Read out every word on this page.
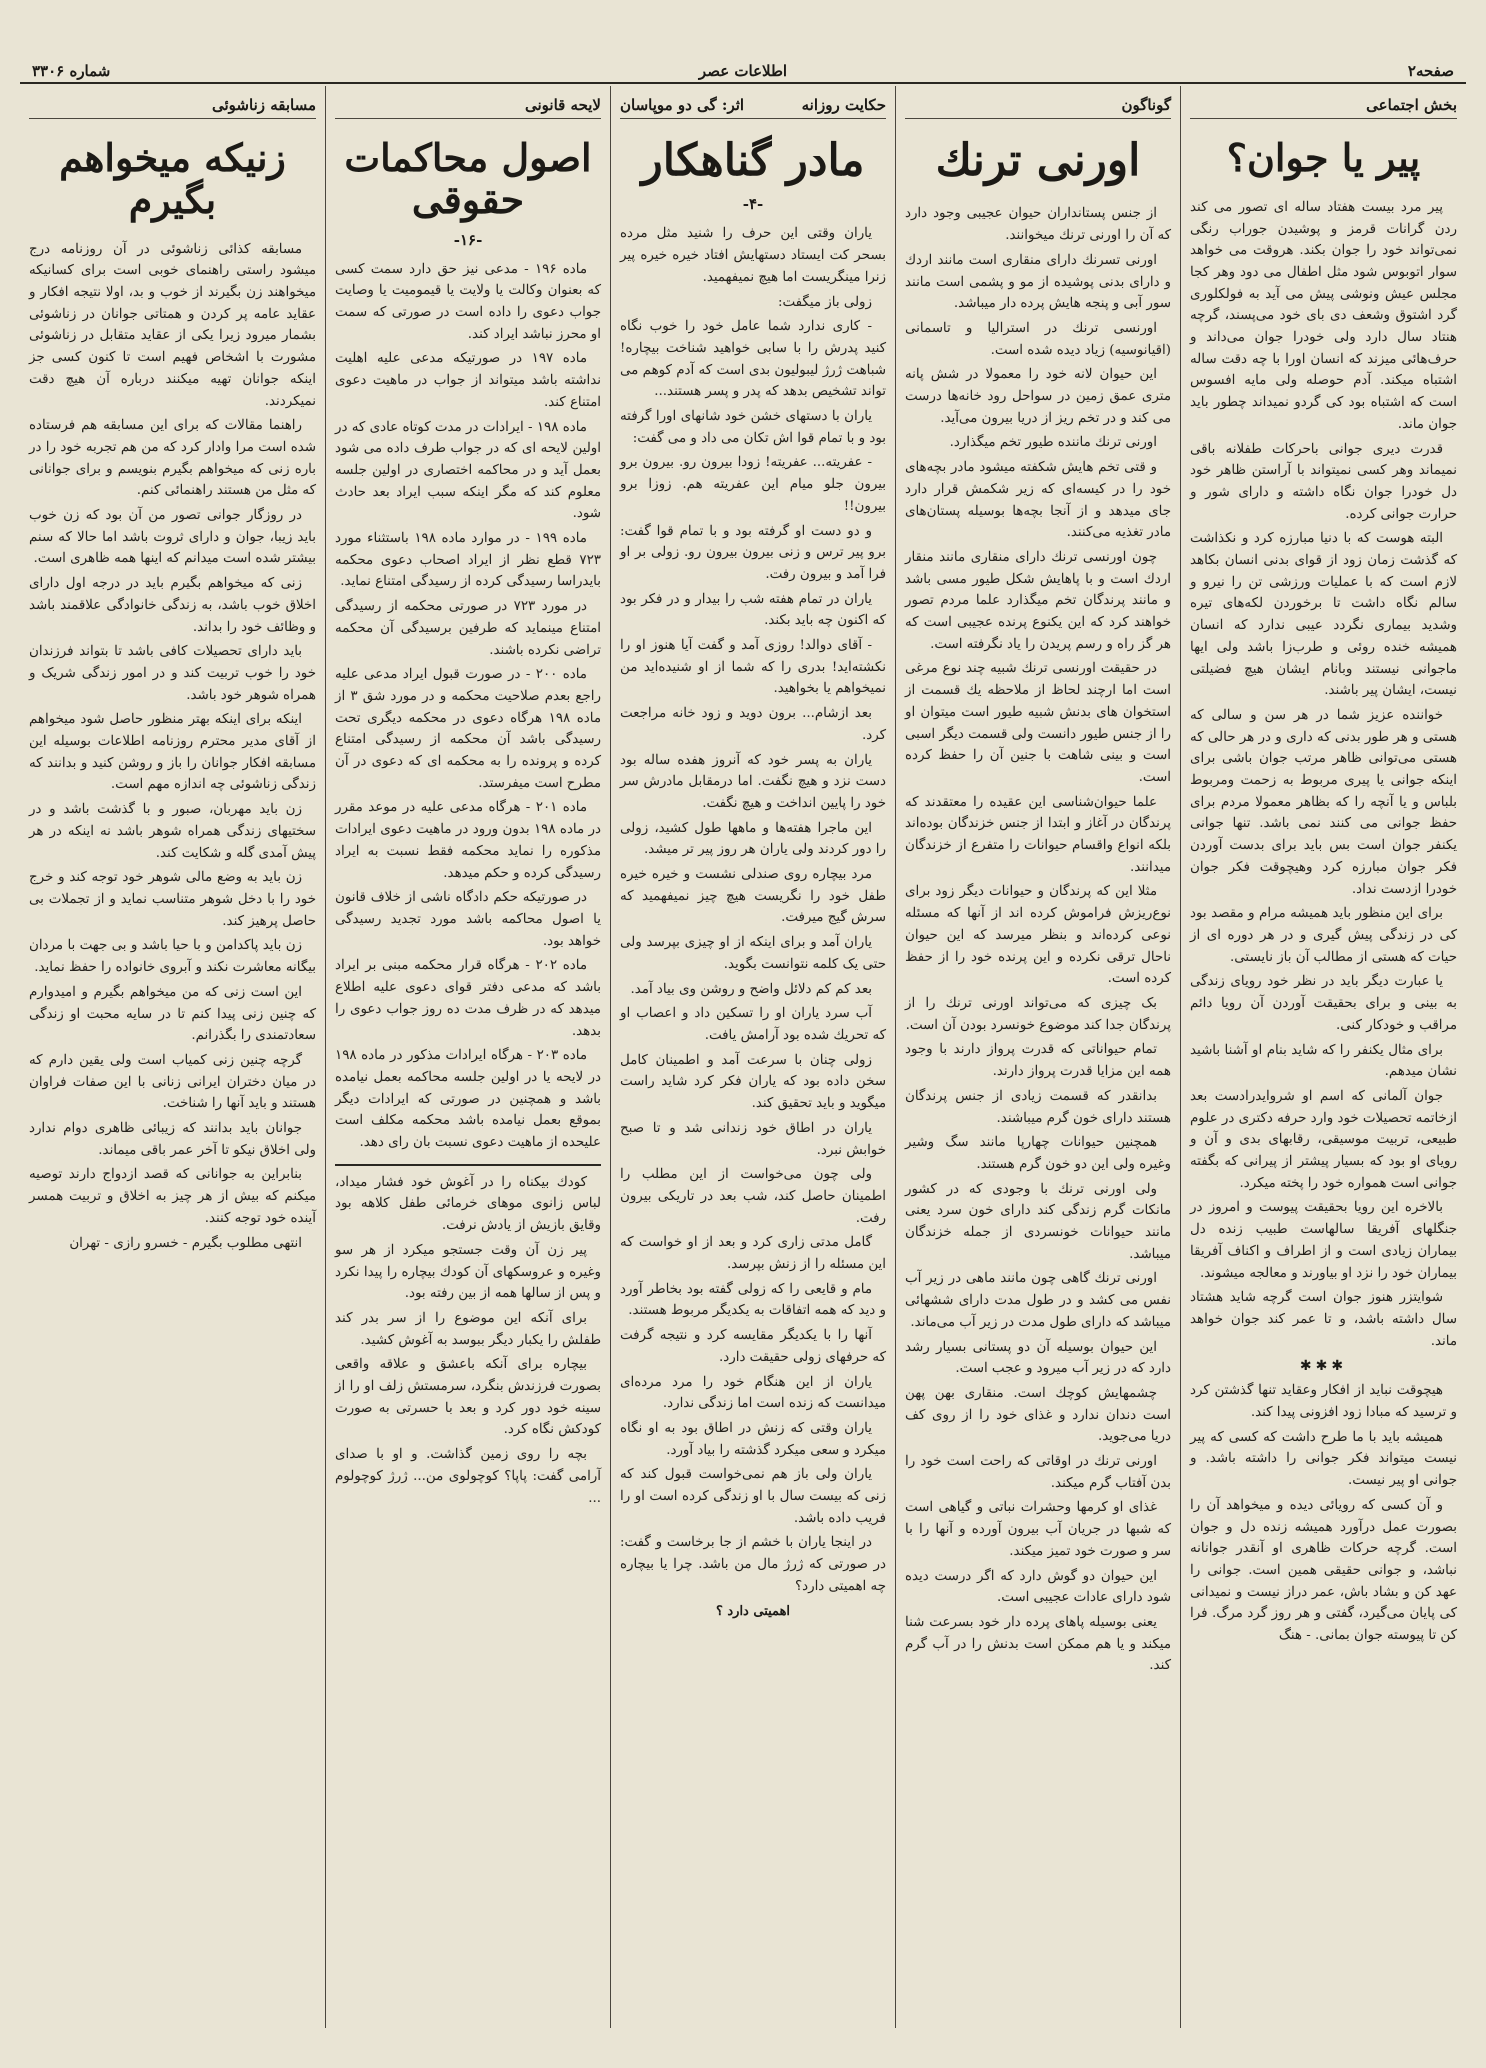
صفحه۲
اطلاعات عصر
شماره ۳۳۰۶
بخش اجتماعی
پیر یا جوان؟

پیر مرد بیست هفتاد ساله ای تصور می کند ردن گرانات قرمز و پوشیدن جوراب رنگی نمی‌تواند خود را جوان بکند. هروقت می خواهد سوار اتوبوس شود مثل اطفال می دود وهر کجا مجلس عیش ونوشی پیش می آید به فولکلوری گرد اشتوق وشعف دی بای خود می‌پسند، گرچه هنتاد سال دارد ولی خودرا جوان می‌داند و حرف‌هائی میزند که انسان اورا با چه دقت ساله اشتباه میکند. آدم حوصله ولی مایه افسوس است که اشتباه بود کی گردو نمیداند چطور باید جوان ماند.

قدرت دیری جوانی باحرکات طفلانه باقی نمیماند وهر کسی نمیتواند با آراستن ظاهر خود دل خودرا جوان نگاه داشته و دارای شور و حرارت جوانی کرده.

البته هوست که با دنیا مبارزه کرد و نکذاشت که گذشت زمان زود از قوای بدنی انسان بکاهد لازم است که با عملیات ورزشی تن را نیرو و سالم نگاه داشت تا برخوردن لکه‌های تیره وشدید بیماری نگردد عیبی ندارد که انسان همیشه خنده روئی و طرب‌زا باشد ولی ایها ماجوانی نیستند وبانام ایشان هیچ فضیلتی نیست، ایشان پیر باشند.

خواننده عزیز شما در هر سن و سالی که هستی و هر طور بدنی که داری و در هر حالی که هستی می‌توانی ظاهر مرتب جوان باشی برای اینکه جوانی یا پیری مربوط به زحمت ومربوط بلباس و یا آنچه را که بظاهر معمولا مردم برای حفظ جوانی می کنند نمی باشد. تنها جوانی یکنفر جوان است بس باید برای بدست آوردن فکر جوان مبارزه کرد وهیچوقت فکر جوان خودرا ازدست نداد.

برای این منظور باید همیشه مرام و مقصد بود کی در زندگی پیش گیری و در هر دوره ای از حیات که هستی از مطالب آن باز نایستی.

یا عبارت دیگر باید در نظر خود رویای زندگی به بینی و برای بحقیقت آوردن آن رویا دائم مراقب و خودکار کنی.

برای مثال یکنفر را که شاید بنام او آشنا باشید نشان میدهم.

جوان آلمانی که اسم او شروایدرادست بعد ازخاتمه تحصیلات خود وارد حرفه دکتری در علوم طبیعی، تربیت موسیقی، رقابهای بدی و آن و رویای او بود که بسیار پیشتر از پیرانی که بگفته جوانی است همواره خود را پخته میکرد.

بالاخره این رویا بحقیقت پیوست و امروز در جنگلهای آفریقا سالهاست طبیب زنده دل بیماران زیادی است و از اطراف و اکناف آفریقا بیماران خود را نزد او بیاورند و معالجه میشوند.

شوایتزر هنوز جوان است گرچه شاید هشتاد سال داشته باشد، و تا عمر کند جوان خواهد ماند.

✱✱✱

هیچوقت نباید از افکار وعقاید تنها گذشتن کرد و ترسید که مبادا زود افزونی پیدا کند.

همیشه باید با ما طرح داشت که کسی که پیر نیست میتواند فکر جوانی را داشته باشد. و جوانی او پیر نیست.

و آن کسی که رویائی دیده و میخواهد آن را بصورت عمل درآورد همیشه زنده دل و جوان است. گرچه حرکات ظاهری او آنقدر جوانانه نباشد، و جوانی حقیقی همین است. جوانی را عهد کن و بشاد باش، عمر دراز نیست و نمیدانی کی پایان می‌گیرد، گفتی و هر روز گرد مرگ. فرا کن تا پیوسته جوان بمانی. - هنگ

گوناگون
اورنی ترنك

از جنس پستانداران حیوان عجیبی وجود دارد که آن را اورنی ترنك میخوانند.

اورنی تسرنك دارای منقاری است مانند اردك و دارای بدنی پوشیده از مو و پشمی است مانند سور آبی و پنجه هایش پرده دار میباشد.

اورنسی ترنك در استرالیا و تاسمانی (اقیانوسیه) زیاد دیده شده است.

این حیوان لانه خود را معمولا در شش پانه متری عمق زمین در سواحل رود خانه‌ها درست می کند و در تخم ریز از دریا بیرون می‌آید.

اورنی ترنك ماننده طیور تخم میگذارد.

و قتی تخم هایش شکفته میشود مادر بچه‌های خود را در کیسه‌ای که زیر شکمش قرار دارد جای میدهد و از آنجا بچه‌ها بوسیله پستان‌های مادر تغذیه می‌کنند.

چون اورنسی ترنك دارای منقاری مانند منقار اردك است و با پاهایش شکل طیور مسی باشد و مانند پرندگان تخم میگذارد علما مردم تصور خواهند کرد که این یکنوع پرنده عجیبی است که هر گز راه و رسم پریدن را یاد نگرفته است.

در حقیقت اورنسی ترنك شبیه چند نوع مرغی است اما ارچند لحاظ از ملاحظه یك قسمت از استخوان های بدنش شبیه طیور است میتوان او را از جنس طیور دانست ولی قسمت دیگر اسبی است و بینی شاهت با جنین آن را حفظ کرده است.

علما حیوان‌شناسی این عقیده را معتقدند که پرندگان در آغاز و ابتدا از جنس خزندگان بوده‌اند بلکه انواع واقسام حیوانات را متفرع از خزندگان میدانند.

مثلا این که پرندگان و حیوانات دیگر زود برای نوع‌ریزش فراموش کرده اند از آنها که مسئله نوعی کرده‌اند و بنظر میرسد که این حیوان ناحال ترقی نکرده و این پرنده خود را از حفظ کرده است.

بک چیزی که می‌تواند اورنی ترنك را از پرندگان جدا کند موضوع خونسرد بودن آن است.

تمام حیواناتی که قدرت پرواز دارند با وجود همه این مزایا قدرت پرواز دارند.

بدانقدر که قسمت زیادی از جنس پرندگان هستند دارای خون گرم میباشند.

همچنین حیوانات چهارپا مانند سگ وشیر وغیره ولی این دو خون گرم هستند.

ولی اورنی ترنك با وجودی که در کشور مانکات گرم زندگی کند دارای خون سرد یعنی مانند حیوانات خونسردی از جمله خزندگان میباشد.

اورنی ترنك گاهی چون مانند ماهی در زیر آب نفس می کشد و در طول مدت دارای ششهائی میباشد که دارای طول مدت در زیر آب می‌ماند.

این حیوان بوسیله آن دو پستانی بسیار رشد دارد که در زیر آب میرود و عجب است.

چشمهایش کوچك است. منقاری بهن پهن است دندان ندارد و غذای خود را از روی کف دریا می‌جوید.

اورنی ترنك در اوقاتی که راحت است خود را بدن آفتاب گرم میکند.

غذای او کرمها وحشرات نباتی و گیاهی است که شبها در جریان آب بیرون آورده و آنها را با سر و صورت خود تمیز میکند.

این حیوان دو گوش دارد که اگر درست دیده شود دارای عادات عجیبی است.

یعنی بوسیله پاهای پرده دار خود بسرعت شنا میکند و یا هم ممکن است بدنش را در آب گرم کند.

حکایت روزانه
اثر: گی دو موپاسان
مادر گناهکار
-۴-

یاران وقتی این حرف را شنید مثل مرده بسحر کت ایستاد دستهایش افتاد خیره خیره پیر زنرا مینگریست اما هیچ نمیفهمید.

زولی باز میگفت:

- کاری ندارد شما عامل خود را خوب نگاه کنید پدرش را با سابی خواهید شناخت بیچاره! شباهت ژرژ لیبولیون بدی است که آدم کوهم می تواند تشخیص بدهد که پدر و پسر هستند...

یاران با دستهای خشن خود شانهای اورا گرفته بود و با تمام قوا اش تکان می داد و می گفت:

- عفریته... عفریته! زودا بیرون رو. بیرون برو بیرون جلو میام این عفریته هم. زوزا برو بیرون!!

و دو دست او گرفته بود و با تمام قوا گفت: برو پیر ترس و زنی بیرون بیرون رو. زولی بر او فرا آمد و بیرون رفت.

یاران در تمام هفته شب را بیدار و در فکر بود که اکنون چه باید بکند.

- آقای دوالد! روزی آمد و گفت آیا هنوز او را نکشته‌اید! بدری را که شما از او شنیده‌اید من نمیخواهم یا بخواهید.

بعد ازشام... برون دوید و زود خانه مراجعت کرد.

یاران به پسر خود که آنروز هفده ساله بود دست نزد و هیچ نگفت. اما درمقابل مادرش سر خود را پایین انداخت و هیچ نگفت.

این ماجرا هفته‌ها و ماهها طول کشید، زولی را دور کردند ولی یاران هر روز پیر تر میشد.

مرد بیچاره روی صندلی نشست و خیره خیره طفل خود را نگریست هیچ چیز نمیفهمید که سرش گیج میرفت.

یاران آمد و برای اینکه از او چیزی بپرسد ولی حتی یک کلمه نتوانست بگوید.

بعد کم کم دلائل واضح و روشن وی بیاد آمد.

آب سرد یاران او را تسکین داد و اعصاب او که تحریك شده بود آرامش یافت.

زولی چنان با سرعت آمد و اطمینان کامل سخن داده بود که یاران فکر کرد شاید راست میگوید و باید تحقیق کند.

یاران در اطاق خود زندانی شد و تا صبح خوابش نبرد.

ولی چون می‌خواست از این مطلب را اطمینان حاصل کند، شب بعد در تاریکی بیرون رفت.

گامل مدتی زاری کرد و بعد از او خواست که این مسئله را از زنش بپرسد.

مام و قایعی را که زولی گفته بود بخاطر آورد و دید که همه اتفاقات به یکدیگر مربوط هستند.

آنها را با یکدیگر مقایسه کرد و نتیجه گرفت که حرفهای زولی حقیقت دارد.

یاران از این هنگام خود را مرد مرده‌ای میدانست که زنده است اما زندگی ندارد.

یاران وقتی که زنش در اطاق بود به او نگاه میکرد و سعی میکرد گذشته را بیاد آورد.

یاران ولی باز هم نمی‌خواست قبول کند که زنی که بیست سال با او زندگی کرده است او را فریب داده باشد.

در اینجا یاران با خشم از جا برخاست و گفت: در صورتی که ژرژ مال من باشد. چرا یا بیچاره چه اهمیتی دارد؟

اهمیتی دارد ؟
لایحه قانونی
اصول محاکمات حقوقی
-۱۶-

ماده ۱۹۶ - مدعی نیز حق دارد سمت کسی که بعنوان وکالت یا ولایت یا قیمومیت یا وصایت جواب دعوی را داده است در صورتی که سمت او محرز نباشد ایراد کند.

ماده ۱۹۷ در صورتیکه مدعی علیه اهلیت نداشته باشد میتواند از جواب در ماهیت دعوی امتناع کند.

ماده ۱۹۸ - ایرادات در مدت کوتاه عادی که در اولین لایحه ای که در جواب طرف داده می شود بعمل آید و در محاکمه اختصاری در اولین جلسه معلوم کند که مگر اینکه سبب ایراد بعد حادث شود.

ماده ۱۹۹ - در موارد ماده ۱۹۸ باستثناء مورد ۷۲۳ قطع نظر از ایراد اصحاب دعوی محکمه بایدراسا رسیدگی کرده از رسیدگی امتناع نماید.

در مورد ۷۲۳ در صورتی محکمه از رسیدگی امتناع مینماید که طرفین برسیدگی آن محکمه تراضی نکرده باشند.

ماده ۲۰۰ - در صورت قبول ایراد مدعی علیه راجع بعدم صلاحیت محکمه و در مورد شق ۳ از ماده ۱۹۸ هرگاه دعوی در محکمه دیگری تحت رسیدگی باشد آن محکمه از رسیدگی امتناع کرده و پرونده را به محکمه ای که دعوی در آن مطرح است میفرستد.

ماده ۲۰۱ - هرگاه مدعی علیه در موعد مقرر در ماده ۱۹۸ بدون ورود در ماهیت دعوی ایرادات مذکوره را نماید محکمه فقط نسبت به ایراد رسیدگی کرده و حکم میدهد.

در صورتیکه حکم دادگاه ناشی از خلاف قانون یا اصول محاکمه باشد مورد تجدید رسیدگی خواهد بود.

ماده ۲۰۲ - هرگاه قرار محکمه مبنی بر ایراد باشد که مدعی دفتر قوای دعوی علیه اطلاع میدهد که در ظرف مدت ده روز جواب دعوی را بدهد.

ماده ۲۰۳ - هرگاه ایرادات مذکور در ماده ۱۹۸ در لایحه یا در اولین جلسه محاکمه بعمل نیامده باشد و همچنین در صورتی که ایرادات دیگر بموقع بعمل نیامده باشد محکمه مکلف است علیحده از ماهیت دعوی نسبت بان رای دهد.

کودك بیکناه را در آغوش خود فشار میداد، لباس زانوی موهای خرمائی طفل کلاهه بود وقایق بازیش از یادش نرفت.

پیر زن آن وقت جستجو میکرد از هر سو وغیره و عروسکهای آن کودك بیچاره را پیدا نکرد و پس از سالها همه از بین رفته بود.

برای آنکه این موضوع را از سر بدر کند طفلش را یکبار دیگر ببوسد به آغوش کشید.

بیچاره برای آنکه باعشق و علاقه واقعی بصورت فرزندش بنگرد، سرمستش زلف او را از سینه خود دور کرد و بعد با حسرتی به صورت کودکش نگاه کرد.

بچه را روی زمین گذاشت. و او با صدای آرامی گفت: پاپا؟ کوچولوی من... ژرژ کوچولوم ...

مسابقه زناشوئی
زنیکه میخواهم بگیرم

مسابقه کذائی زناشوئی در آن روزنامه درج میشود راستی راهنمای خوبی است برای کسانیکه میخواهند زن بگیرند از خوب و بد، اولا نتیجه افکار و عقاید عامه پر کردن و همتاتی جوانان در زناشوئی بشمار میرود زیرا یکی از عقاید متقابل در زناشوئی مشورت با اشخاص فهیم است تا کنون کسی جز اینکه جوانان تهیه میکنند درباره آن هیچ دقت نمیکردند.

راهنما مقالات که برای این مسابقه هم فرستاده شده است مرا وادار کرد که من هم تجربه خود را در باره زنی که میخواهم بگیرم بنویسم و برای جوانانی که مثل من هستند راهنمائی کنم.

در روزگار جوانی تصور من آن بود که زن خوب باید زیبا، جوان و دارای ثروت باشد اما حالا که سنم بیشتر شده است میدانم که اینها همه ظاهری است.

زنی که میخواهم بگیرم باید در درجه اول دارای اخلاق خوب باشد، به زندگی خانوادگی علاقمند باشد و وظائف خود را بداند.

باید دارای تحصیلات کافی باشد تا بتواند فرزندان خود را خوب تربیت کند و در امور زندگی شریک و همراه شوهر خود باشد.

اینکه برای اینکه بهتر منظور حاصل شود میخواهم از آقای مدیر محترم روزنامه اطلاعات بوسیله این مسابقه افکار جوانان را باز و روشن کنید و بدانند که زندگی زناشوئی چه اندازه مهم است.

زن باید مهربان، صبور و با گذشت باشد و در سختیهای زندگی همراه شوهر باشد نه اینکه در هر پیش آمدی گله و شکایت کند.

زن باید به وضع مالی شوهر خود توجه کند و خرج خود را با دخل شوهر متناسب نماید و از تجملات بی حاصل پرهیز کند.

زن باید پاکدامن و با حیا باشد و بی جهت با مردان بیگانه معاشرت نکند و آبروی خانواده را حفظ نماید.

این است زنی که من میخواهم بگیرم و امیدوارم که چنین زنی پیدا کنم تا در سایه محبت او زندگی سعادتمندی را بگذرانم.

گرچه چنین زنی کمیاب است ولی یقین دارم که در میان دختران ایرانی زنانی با این صفات فراوان هستند و باید آنها را شناخت.

جوانان باید بدانند که زیبائی ظاهری دوام ندارد ولی اخلاق نیکو تا آخر عمر باقی میماند.

بنابراین به جوانانی که قصد ازدواج دارند توصیه میکنم که بیش از هر چیز به اخلاق و تربیت همسر آینده خود توجه کنند.

انتهی مطلوب بگیرم - خسرو رازی - تهران
